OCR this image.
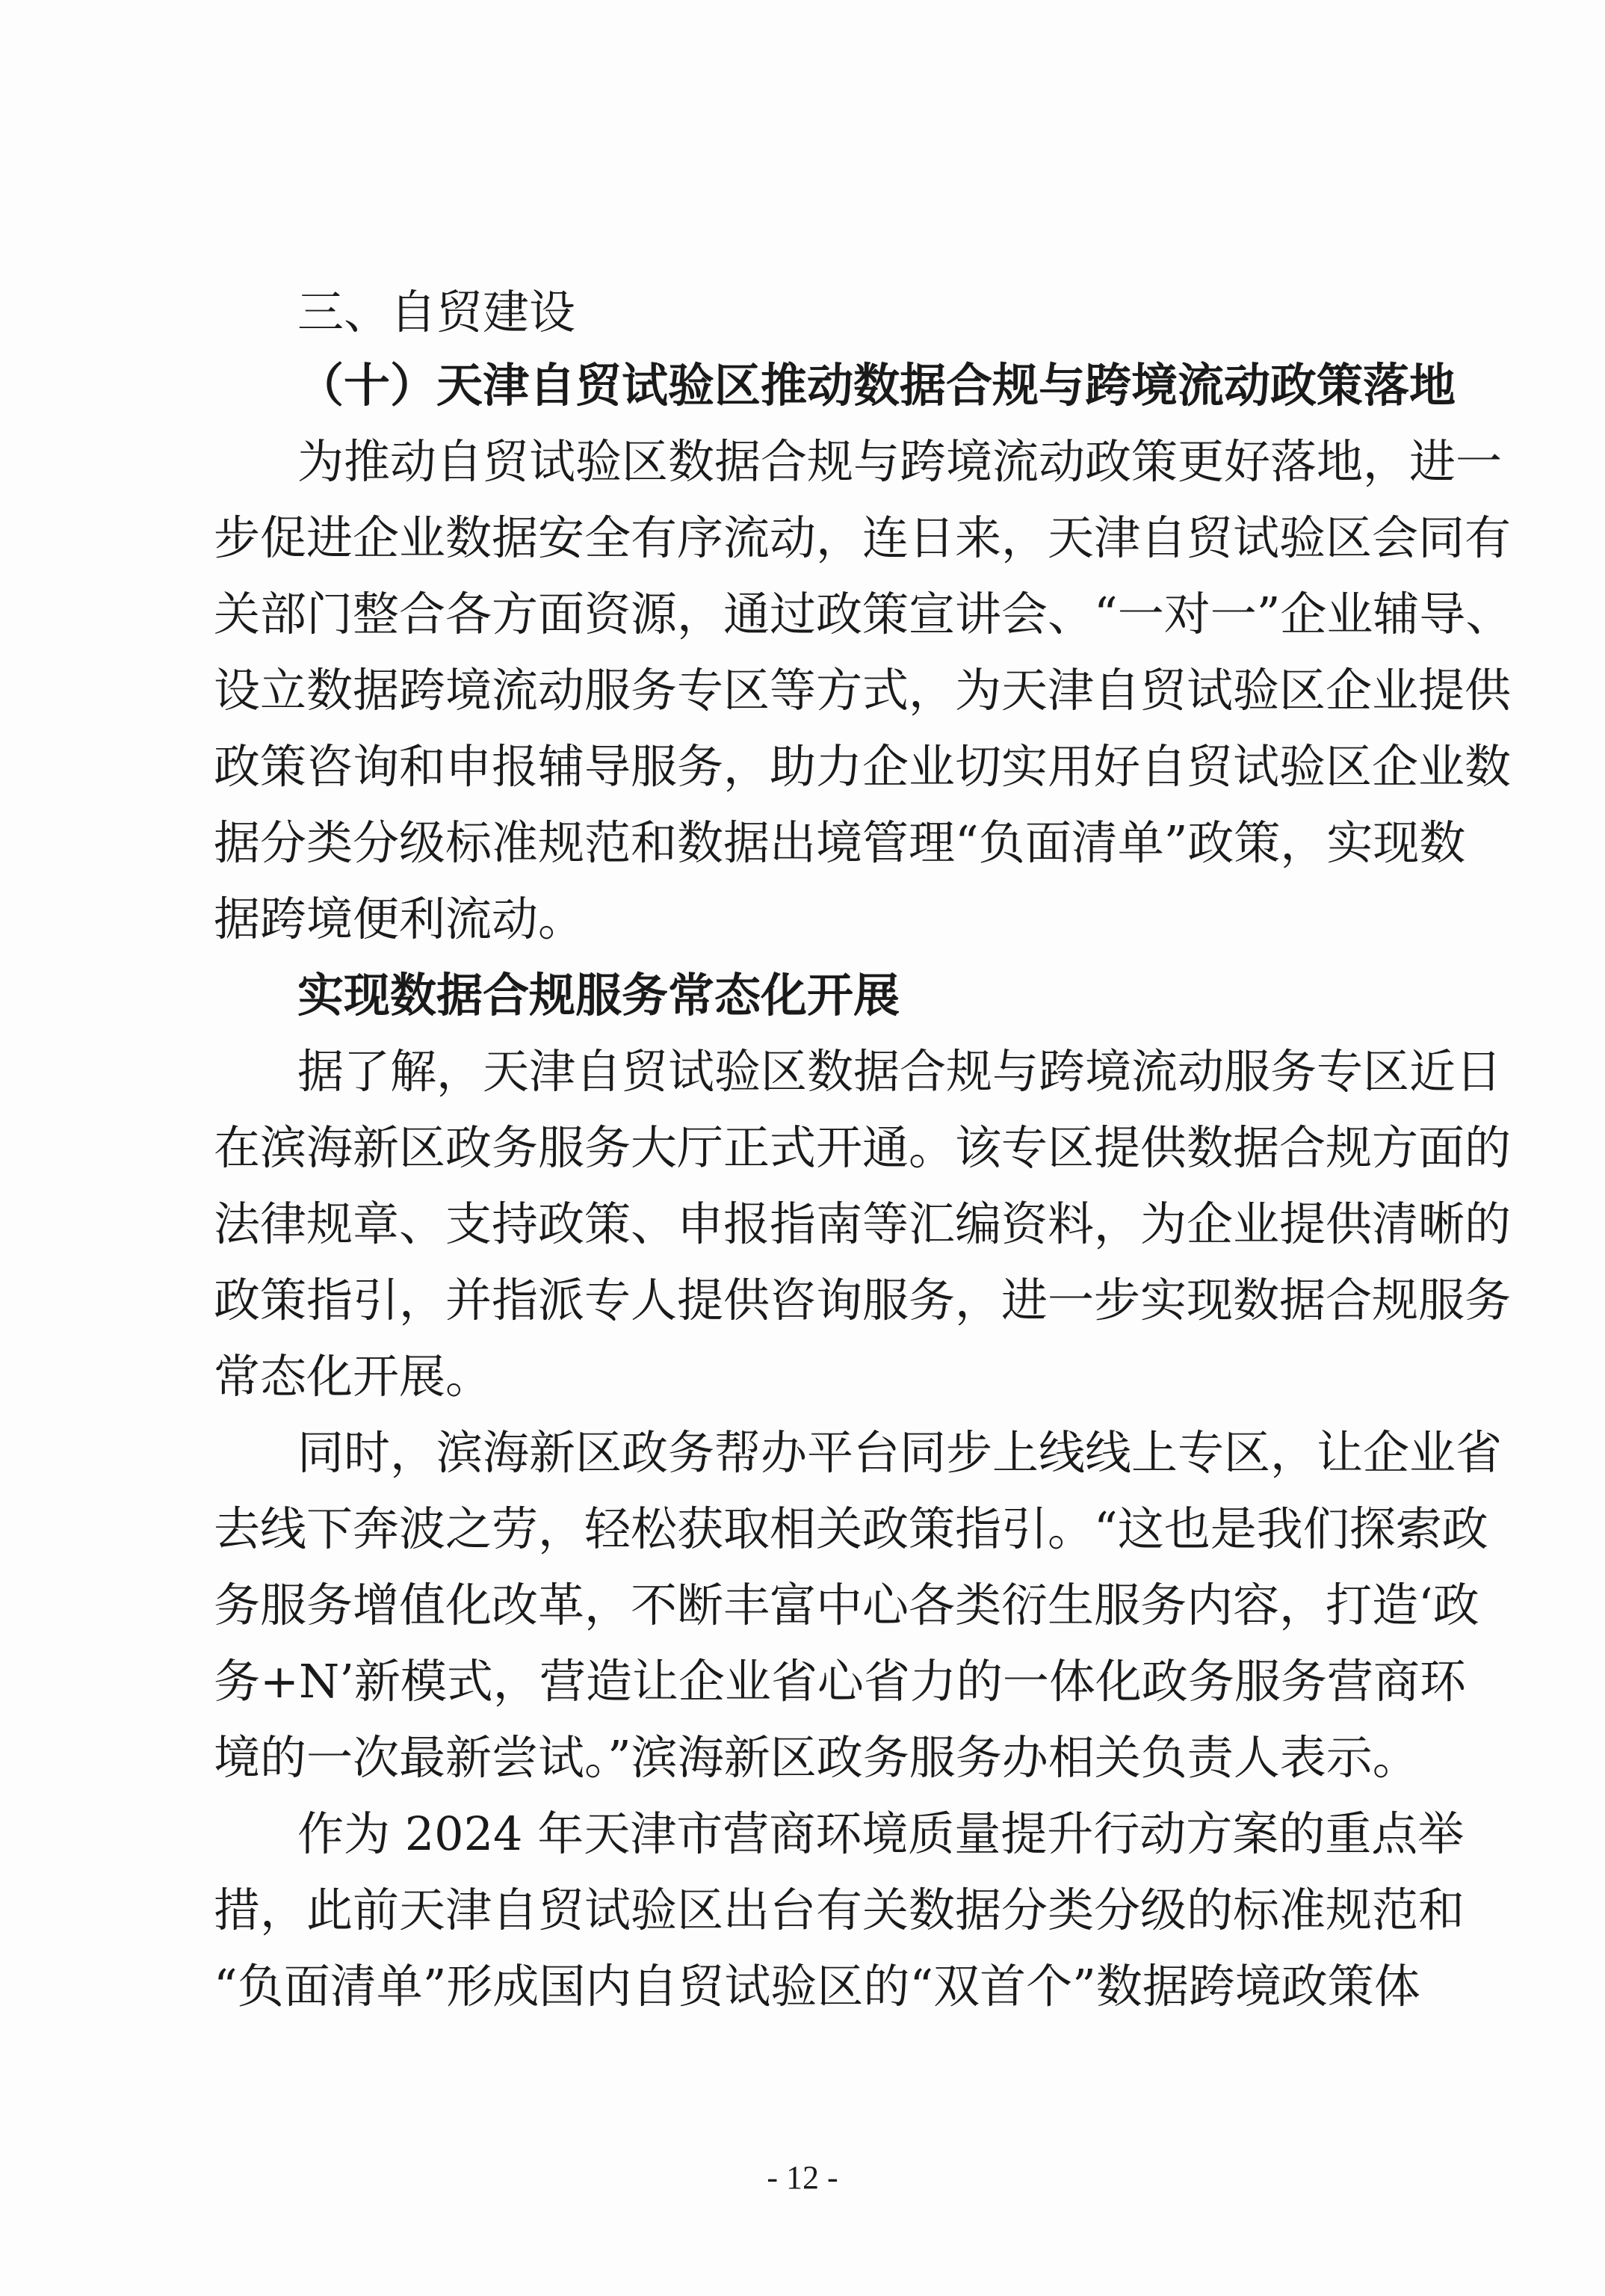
三、自贸建设
（十）天津自贸试验区推动数据合规与跨境流动政策落地
为推动自贸试验区数据合规与跨境流动政策更好落地，进一
步促进企业数据安全有序流动，连日来，天津自贸试验区会同有
关部门整合各方面资源，通过政策宣讲会、“一对一”企业辅导、
设立数据跨境流动服务专区等方式，为天津自贸试验区企业提供
政策咨询和申报辅导服务，助力企业切实用好自贸试验区企业数
据分类分级标准规范和数据出境管理“负面清单”政策，实现数
据跨境便利流动。
实现数据合规服务常态化开展
据了解，天津自贸试验区数据合规与跨境流动服务专区近日
在滨海新区政务服务大厅正式开通。该专区提供数据合规方面的
法律规章、支持政策、申报指南等汇编资料，为企业提供清晰的
政策指引，并指派专人提供咨询服务，进一步实现数据合规服务
常态化开展。
同时，滨海新区政务帮办平台同步上线线上专区，让企业省
去线下奔波之劳，轻松获取相关政策指引。“这也是我们探索政
务服务增值化改革，不断丰富中心各类衍生服务内容，打造‘政
务+N’新模式，营造让企业省心省力的一体化政务服务营商环
境的一次最新尝试。”滨海新区政务服务办相关负责人表示。
作为 2024 年天津市营商环境质量提升行动方案的重点举
措，此前天津自贸试验区出台有关数据分类分级的标准规范和
“负面清单”形成国内自贸试验区的“双首个”数据跨境政策体
- 12 -
